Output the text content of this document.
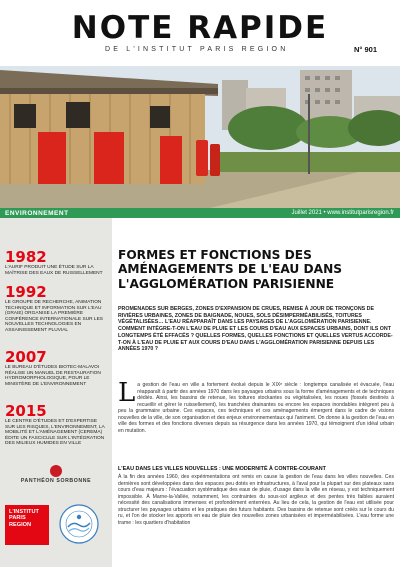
NOTE RAPIDE
DE L'INSTITUT PARIS REGION	N° 901
ENVIRONNEMENT	Juillet 2021 • www.institutparisregion.fr
1982
L'AURIF PRODUIT UNE ÉTUDE SUR LA MAÎTRISE DES EAUX DE RUISSELLEMENT
1992
LE GROUPE DE RECHERCHE, ANIMATION TECHNIQUE ET INFORMATION SUR L'EAU (GRAIE) ORGANISE LA PREMIÈRE CONFÉRENCE INTERNATIONALE SUR LES NOUVELLES TECHNOLOGIES EN ASSAINISSEMENT PLUVIAL
2007
LE BUREAU D'ÉTUDES BIOTEC-MALAVOI RÉALISE UN MANUEL DE RESTAURATION HYDROMORPHOLOGIQUE, POUR LE MINISTÈRE DE L'ENVIRONNEMENT
2015
LE CENTRE D'ÉTUDES ET D'EXPERTISE SUR LES RISQUES, L'ENVIRONNEMENT, LA MOBILITÉ ET L'AMÉNAGEMENT (CEREMA) ÉDITE UN FASCICULE SUR L'INTÉGRATION DES MILIEUX HUMIDES EN VILLE
PANTHÉON SORBONNE
L'INSTITUT
PARIS
REGION
FORMES ET FONCTIONS DES AMÉNAGEMENTS DE L'EAU DANS L'AGGLOMÉRATION PARISIENNE
PROMENADES SUR BERGES, ZONES D'EXPANSION DE CRUES, REMISE À JOUR DE TRONÇONS DE RIVIÈRES URBAINES, ZONES DE BAIGNADE, NOUES, SOLS DÉSIMPERMÉABILISÉS, TOITURES VÉGÉTALISÉES… L'EAU RÉAPPARAÎT DANS LES PAYSAGES DE L'AGGLOMÉRATION PARISIENNE. COMMENT INTÈGRE-T-ON L'EAU DE PLUIE ET LES COURS D'EAU AUX ESPACES URBAINS, DONT ILS ONT LONGTEMPS ÉTÉ EFFACÉS ? QUELLES FORMES, QUELLES FONCTIONS ET QUELLES VERTUS ACCORDE-T-ON À L'EAU DE PLUIE ET AUX COURS D'EAU DANS L'AGGLOMÉRATION PARISIENNE DEPUIS LES ANNÉES 1970 ?
L a gestion de l'eau en ville a fortement évolué depuis le XIXᵉ siècle : longtemps canalisée et évacuée, l'eau réapparaît à partir des années 1970 dans les paysages urbains sous la forme d'aménagements et de techniques dédiés. Ainsi, les bassins de retenue, les toitures stockantes ou végétalisées, les noues (fossés destinés à recueillir et gérer le ruissellement), les tranchées drainantes ou encore les espaces inondables intègrent peu à peu la grammaire urbaine. Ces espaces, ces techniques et ces aménagements émergent dans le cadre de visions nouvelles de la ville, de son organisation et des enjeux environnementaux qui l'animent. On donne à la gestion de l'eau en ville des formes et des fonctions diverses depuis sa résurgence dans les années 1970, qui témoignent d'un idéal urbain en mutation.
L'EAU DANS LES VILLES NOUVELLES : UNE MODERNITÉ À CONTRE-COURANT
À la fin des années 1960, des expérimentations ont remis en cause la gestion de l'eau dans les villes nouvelles. Ces dernières sont développées dans des espaces peu dotés en infrastructures, à l'aval pour la plupart sur des plateaux sans cours d'eau majeurs : l'évacuation systématique des eaux de pluie, d'usage dans la ville en réseau, y est techniquement impossible. À Marne-la-Vallée, notamment, les contraintes du sous-sol argileux et des pentes très faibles auraient nécessité des canalisations immenses et profondément enterrées. Au lieu de cela, la gestion de l'eau est utilisée pour structurer les paysages urbains et les pratiques des futurs habitants. Des bassins de retenue sont créés sur le cours du ru, et l'on de stocker les apports en eau de pluie des nouvelles zones urbanisées et imperméabilisées. L'eau forme une trame : les quartiers d'habitation
